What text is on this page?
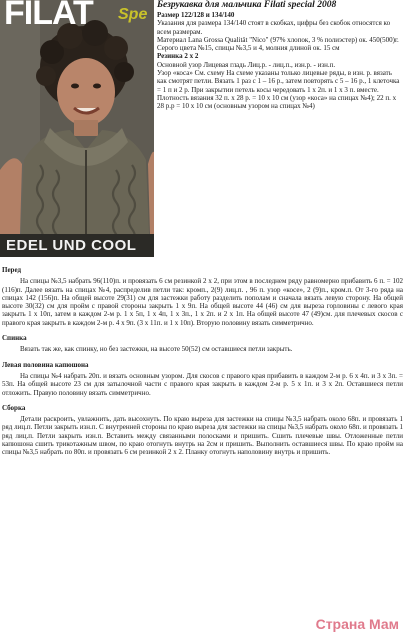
FILAT Spe
EDEL UND COOL

Безрукавка для мальчика Filati special 2008

Размер 122/128 и 134/140

Указания для размера 134/140 стоят в скобках, цифры без скобок относятся ко всем размерам.

Материал Lana Grossa Qualität "Nico" (97% хлопок, 3 % полиэстер) ок. 450(500)г. Серого цвета №15, спицы №3,5 и 4, молния длиной ок. 15 см

Резинка 2 х 2

Основной узор Лицевая гладь Лиц.р. - лиц.п., изн.р. - изн.п.

Узор «коса» См. схему На схеме указаны только лицевые ряды, в изн. р. вязать как смотрят петли. Вязать 1 раз с 1 – 16 р., затем повторять с 5 – 16 р., 1 клеточка = 1 п и 2 р. При закрытии петель косы чередовать 1 х 2п. и 1 х 3 п. вместе.

Плотность вязания 32 п. х 28 р. = 10 х 10 см (узор «коса» на спицах №4); 22 п. х 28 р.р = 10 х 10 см (основным узором на спицах №4)

Перед

На спицы №3,5 набрать 96(110)п. и провязать 6 см резинкой 2 х 2, при этом в последнем ряду равномерно прибавить 6 п. = 102 (116)п. Далее вязать на спицах №4, распределив петли так: кромп., 2(9) лиц.п. , 96 п. узор «косе», 2 (9)п., кром.п. От 3-го ряда на спицах 142 (156)п. На общей высоте 29(31) см для застежки работу разделить пополам и сначала вязать левую сторону. На общей высоте 30(32) см для пройм с правой стороны закрыть 1 х 9п. На общей высоте 44 (46) см для выреза горловины с левого края закрыть 1 х 10п, затем в каждом 2-м р. 1 х 5п, 1 х 4п, 1 х 3п., 1 х 2п. и 2 х 1п. На общей высоте 47 (49)см. для плечевых скосов с правого края закрыть в каждом 2-м р. 4 х 9п. (3 х 11п. и 1 х 10п). Вторую половину вязать симметрично.

Спинка

Вязать так же, как спинку, но без застежки, на высоте 50(52) см оставшиеся петли закрыть.

Левая половина капюшона

На спицы №4 набрать 20п. и вязать основным узором. Для скосов с правого края прибавить в каждом 2-м р. 6 х 4п. и 3 х 3п. = 53п. На общей высоте 23 см для затылочной части с правого края закрыть в каждом 2-м р. 5 х 1п. и 3 х 2п. Оставшиеся петли отложить. Правую половину вязать симметрично.

Сборка

Детали раскроить, увлажнить, дать высохнуть. По краю выреза для застежки на спицы №3,5 набрать около 68п. и провязать 1 ряд лиц.п. Петли закрыть изн.п. С внутренней стороны по краю выреза для застежки на спицы №3,5 набрать около 68п. и провязать 1 ряд лиц.п. Петли закрыть изн.п. Вставить между связанными полосками и пришить. Сшить плечевые швы. Отложенные петли капюшона сшить трикотажным швом, по краю отогнуть внутрь на 2см и пришить. Выполнить оставшиеся швы. По краю пройм на спицы №3,5 набрать по 80п. и провязать 6 см резинкой 2 х 2. Планку отогнуть наполовину внутрь и пришить.

Страна Мам
